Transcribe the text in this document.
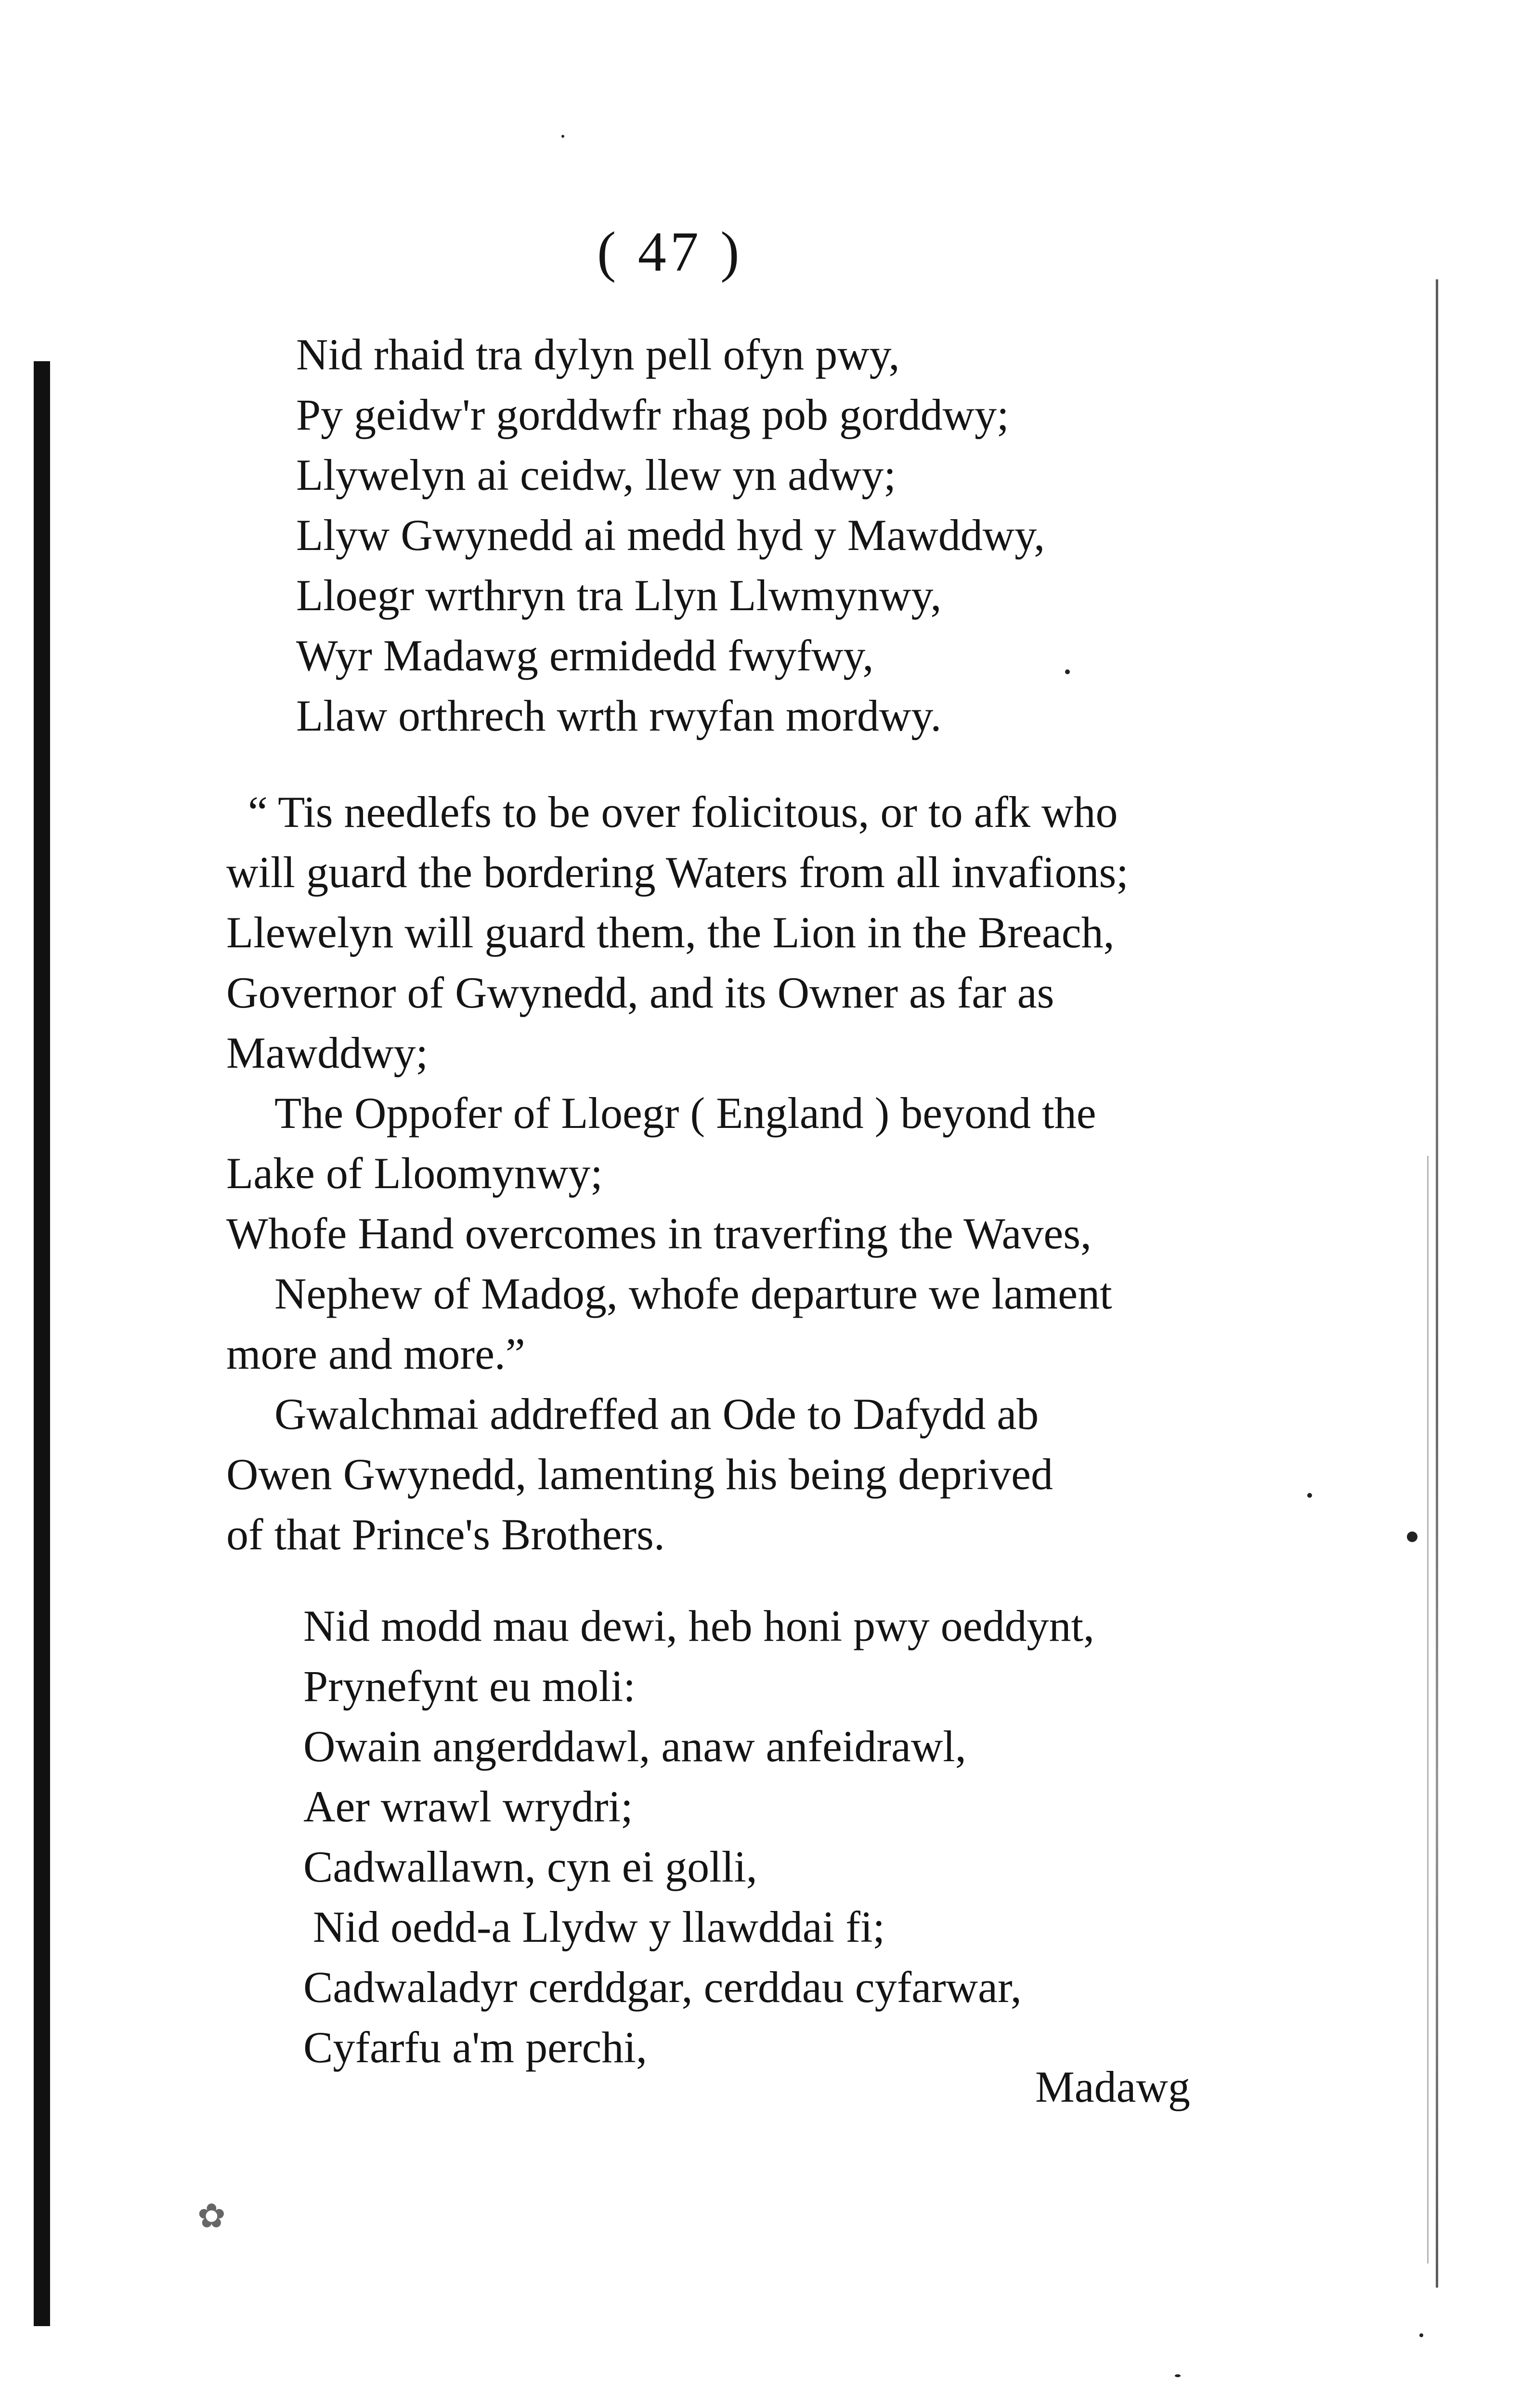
✿
( 47 )
Nid rhaid tra dylyn pell ofyn pwy,
Py geidw'r gorddwfr rhag pob gorddwy;
Llywelyn ai ceidw, llew yn adwy;
Llyw Gwynedd ai medd hyd y Mawddwy,
Lloegr wrthryn tra Llyn Llwmynwy,
Wyr Madawg ermidedd fwyfwy,
Llaw orthrech wrth rwyfan mordwy.
“ Tis needlefs to be over folicitous, or to afk who
will guard the bordering Waters from all invafions;
Llewelyn will guard them, the Lion in the Breach,
Governor of Gwynedd, and its Owner as far as
Mawddwy;
The Oppofer of Lloegr ( England ) beyond the
Lake of Lloomynwy;
Whofe Hand overcomes in traverfing the Waves,
Nephew of Madog, whofe departure we lament
more and more.”
Gwalchmai addreffed an Ode to Dafydd ab
Owen Gwynedd, lamenting his being deprived
of that Prince's Brothers.
Nid modd mau dewi, heb honi pwy oeddynt,
Prynefynt eu moli:
Owain angerddawl, anaw anfeidrawl,
Aer wrawl wrydri;
Cadwallawn, cyn ei golli,
Nid oedd-a Llydw y llawddai fi;
Cadwaladyr cerddgar, cerddau cyfarwar,
Cyfarfu a'm perchi,
Madawg
